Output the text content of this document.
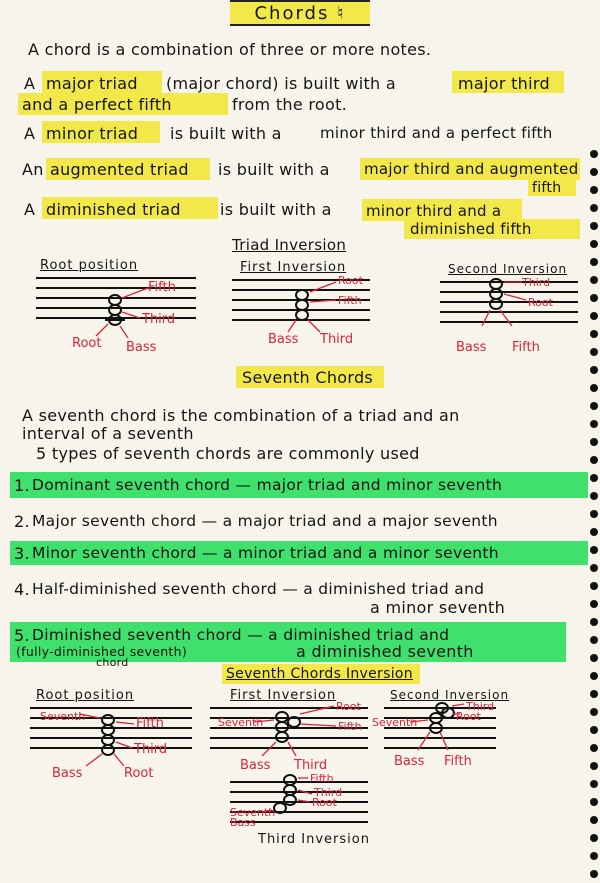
Chords ♮
A chord is a combination of three or more notes.
A major triad (major chord) is built with a	major third
and a perfect fifth	from the root.
A minor triad is built with a	minor third and a perfect fifth
An augmented triad is built with a major third and augmented
fifth
A diminished triad is built with a minor third and a
diminished fifth
Triad Inversion
Root position	First Inversion	Second Inversion
Fifth
Third
Root Bass
Root
Fifth
Bass Third
Third
Root
Bass Fifth
Seventh Chords
A seventh chord is the combination of a triad and an
interval of a seventh
5 types of seventh chords are commonly used
1. Dominant seventh chord — major triad and minor seventh
2. Major seventh chord — a major triad and a major seventh
3. Minor seventh chord — a minor triad and a minor seventh
4. Half-diminished seventh chord — a diminished triad and
a minor seventh
5. Diminished seventh chord — a diminished triad and
(fully-diminished seventh)	a diminished seventh
chord
Seventh Chords Inversion
Root position	First Inversion	Second Inversion
Seventh	Fifth
Third
Bass	Root
Root
Fifth
Seventh
Bass Third
Third
Root
Seventh
Bass Fifth
Fifth
Third
Root
Seventh
Bass
Third Inversion
